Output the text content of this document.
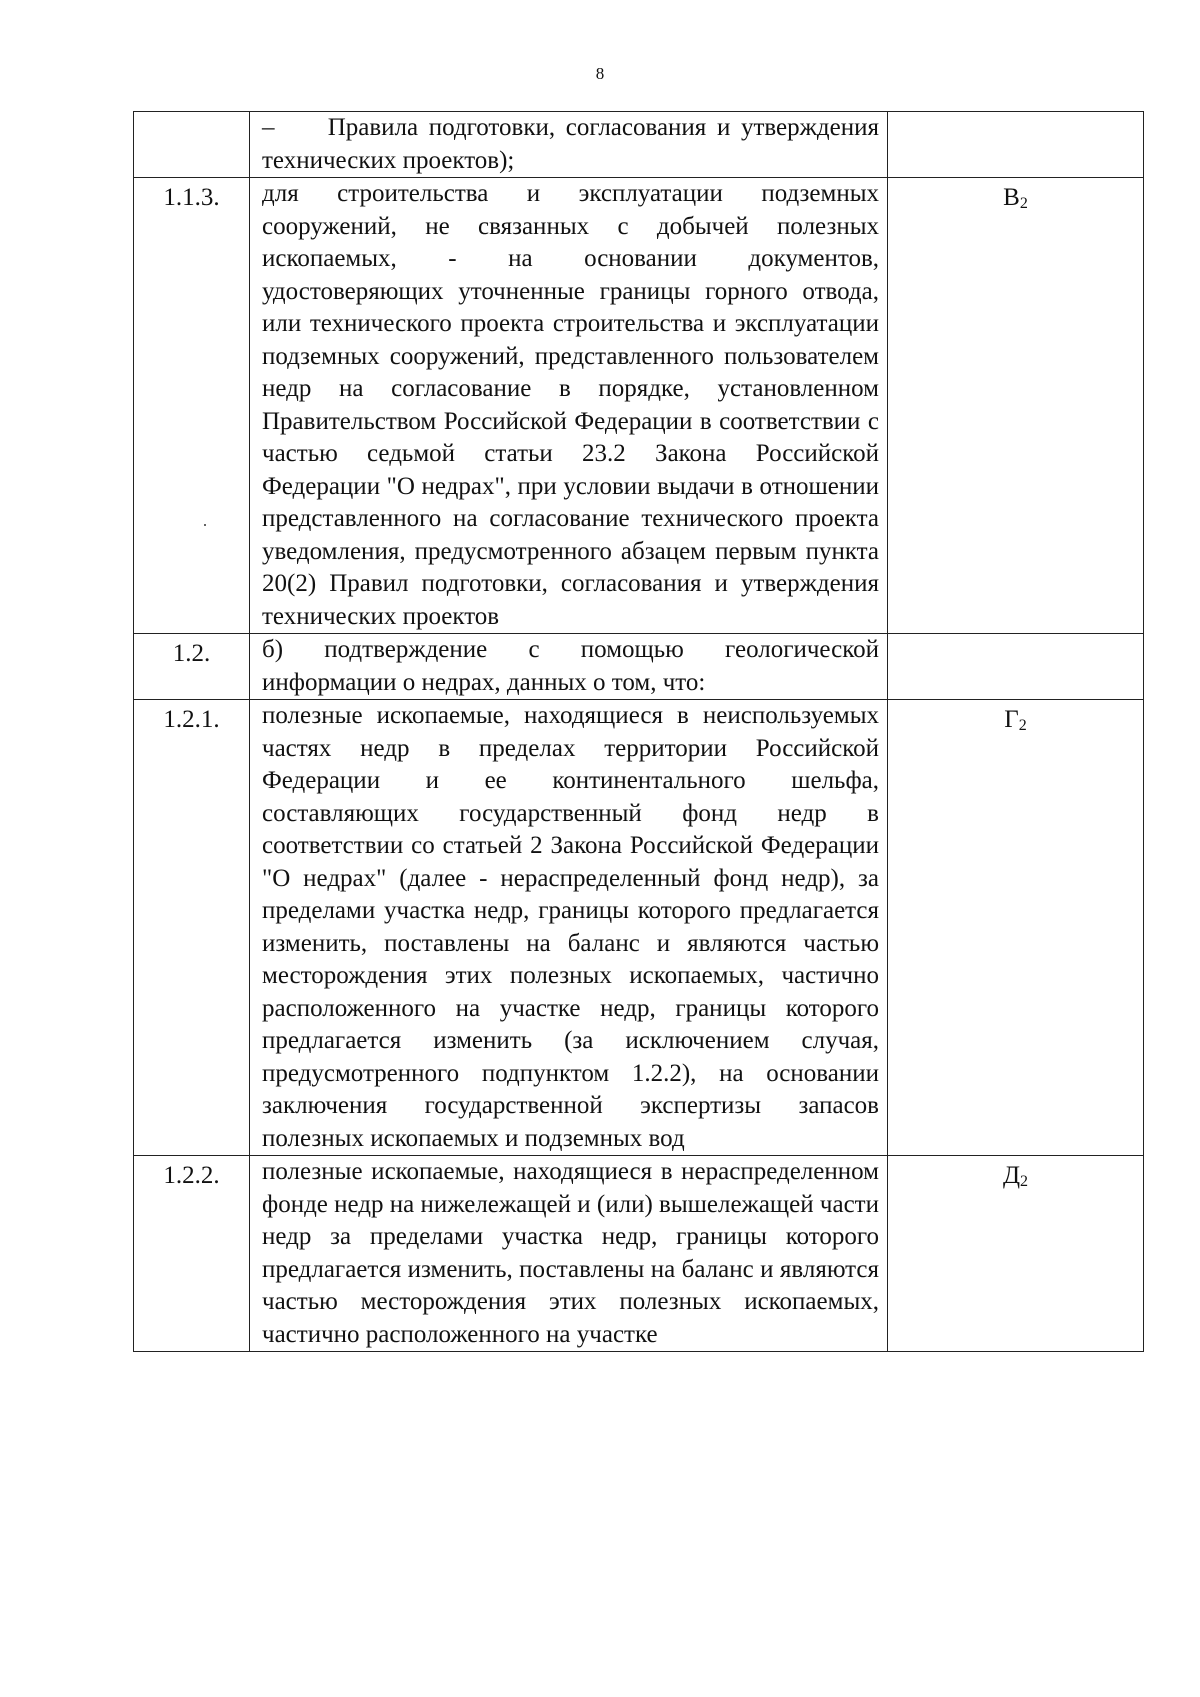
8
	–     Правила подготовки, согласования и утверждения технических проектов);	
1.1.3.	для строительства и эксплуатации подземных сооружений, не связанных с добычей полезных ископаемых, - на основании документов, удостоверяющих уточненные границы горного отвода, или технического проекта строительства и эксплуатации подземных сооружений, представленного пользователем недр на согласование в порядке, установленном Правительством Российской Федерации в соответствии с частью седьмой статьи 23.2 Закона Российской Федерации "О недрах", при условии выдачи в отношении представленного на согласование технического проекта уведомления, предусмотренного абзацем первым пункта 20(2) Правил подготовки, согласования и утверждения технических проектов	В2
1.2.	б) подтверждение с помощью геологической информации о недрах, данных о том, что:	
1.2.1.	полезные ископаемые, находящиеся в неиспользуемых частях недр в пределах территории Российской Федерации и ее континентального шельфа, составляющих государственный фонд недр в соответствии со статьей 2 Закона Российской Федерации "О недрах" (далее - нераспределенный фонд недр), за пределами участка недр, границы которого предлагается изменить, поставлены на баланс и являются частью месторождения этих полезных ископаемых, частично расположенного на участке недр, границы которого предлагается изменить (за исключением случая, предусмотренного подпунктом 1.2.2), на основании заключения государственной экспертизы запасов полезных ископаемых и подземных вод	Г2
1.2.2.	полезные ископаемые, находящиеся в нераспределенном фонде недр на нижележащей и (или) вышележащей части недр за пределами участка недр, границы которого предлагается изменить, поставлены на баланс и являются частью месторождения этих полезных ископаемых, частично расположенного на участке	Д2
